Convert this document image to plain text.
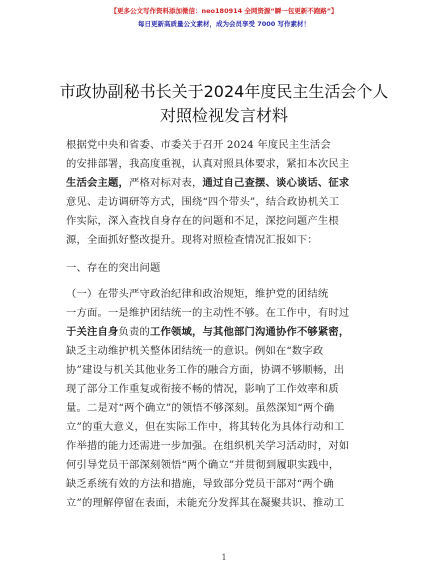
【更多公文写作资料添加微信：neo180914 全网资源“瞬一包更新不跑路”】
每日更新高质量公文素材，成为会员享受 7000 写作素材！
市政协副秘书长关于2024年度民主生活会个人
对照检视发言材料
根据党中央和省委、市委关于召开 2024 年度民主生活会
的安排部署，我高度重视，认真对照具体要求，紧扣本次民主
生活会主题，严格对标对表，通过自己查摆、谈心谈话、征求
意见、走访调研等方式，围绕“四个带头”，结合政协机关工
作实际，深入查找自身存在的问题和不足，深挖问题产生根
源，全面抓好整改提升。现将对照检查情况汇报如下：
一、存在的突出问题
（一）在带头严守政治纪律和政治规矩，维护党的团结统
一方面。一是维护团结统一的主动性不够。在工作中，有时过
于关注自身负责的工作领域，与其他部门沟通协作不够紧密，
缺乏主动维护机关整体团结统一的意识。例如在“数字政
协”建设与机关其他业务工作的融合方面，协调不够顺畅，出
现了部分工作重复或衔接不畅的情况，影响了工作效率和质
量。二是对“两个确立”的领悟不够深刻。虽然深知“两个确
立”的重大意义，但在实际工作中，将其转化为具体行动和工
作举措的能力还需进一步加强。在组织机关学习活动时，对如
何引导党员干部深刻领悟“两个确立”并贯彻到履职实践中，
缺乏系统有效的方法和措施，导致部分党员干部对“两个确
立”的理解停留在表面，未能充分发挥其在凝聚共识、推动工
1
